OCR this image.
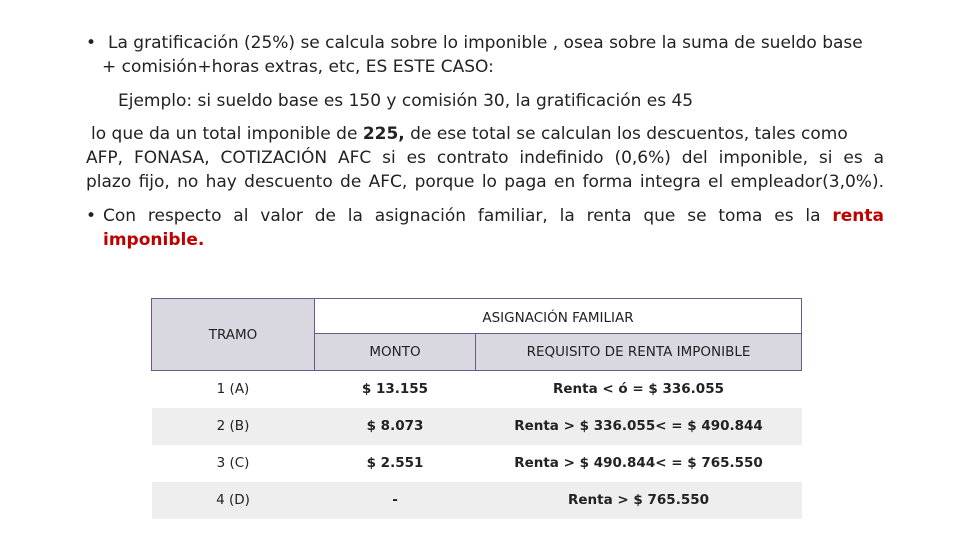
• La gratificación (25%) se calcula sobre lo imponible , osea sobre la suma de sueldo base

+ comisión+horas extras, etc, ES ESTE CASO:

Ejemplo: si sueldo base es 150 y comisión 30, la gratificación es 45

lo que da un total imponible de 225, de ese total se calculan los descuentos, tales como

AFP, FONASA, COTIZACIÓN AFC si es contrato indefinido (0,6%) del imponible, si es a

plazo fijo, no hay descuento de AFC, porque lo paga en forma integra el empleador(3,0%).

• Con respecto al valor de la asignación familiar, la renta que se toma es la renta

imponible.

TRAMO	ASIGNACIÓN FAMILIAR	
	MONTO	REQUISITO DE RENTA IMPONIBLE
1 (A)	$ 13.155	Renta < ó = $ 336.055
2 (B)	$ 8.073	Renta > $ 336.055< = $ 490.844
3 (C)	$ 2.551	Renta > $ 490.844< = $ 765.550
4 (D)	-	Renta > $ 765.550
